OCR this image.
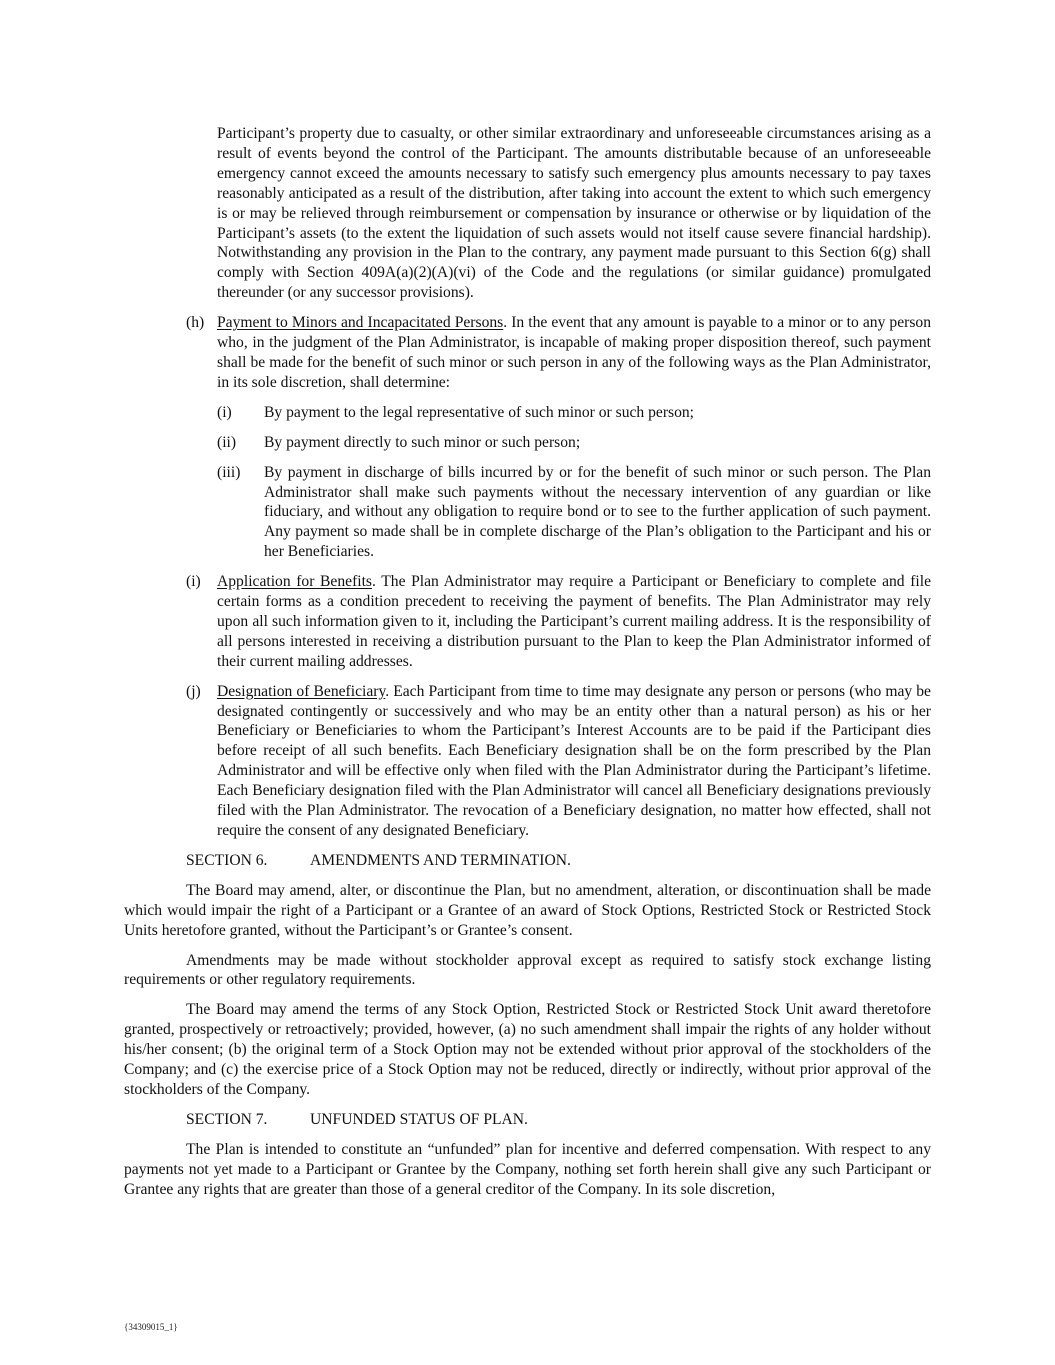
Participant’s property due to casualty, or other similar extraordinary and unforeseeable circumstances arising as a result of events beyond the control of the Participant. The amounts distributable because of an unforeseeable emergency cannot exceed the amounts necessary to satisfy such emergency plus amounts necessary to pay taxes reasonably anticipated as a result of the distribution, after taking into account the extent to which such emergency is or may be relieved through reimbursement or compensation by insurance or otherwise or by liquidation of the Participant’s assets (to the extent the liquidation of such assets would not itself cause severe financial hardship). Notwithstanding any provision in the Plan to the contrary, any payment made pursuant to this Section 6(g) shall comply with Section 409A(a)(2)(A)(vi) of the Code and the regulations (or similar guidance) promulgated thereunder (or any successor provisions).

(h) Payment to Minors and Incapacitated Persons. In the event that any amount is payable to a minor or to any person who, in the judgment of the Plan Administrator, is incapable of making proper disposition thereof, such payment shall be made for the benefit of such minor or such person in any of the following ways as the Plan Administrator, in its sole discretion, shall determine:

(i) By payment to the legal representative of such minor or such person;

(ii) By payment directly to such minor or such person;

(iii) By payment in discharge of bills incurred by or for the benefit of such minor or such person. The Plan Administrator shall make such payments without the necessary intervention of any guardian or like fiduciary, and without any obligation to require bond or to see to the further application of such payment. Any payment so made shall be in complete discharge of the Plan’s obligation to the Participant and his or her Beneficiaries.

(i) Application for Benefits. The Plan Administrator may require a Participant or Beneficiary to complete and file certain forms as a condition precedent to receiving the payment of benefits. The Plan Administrator may rely upon all such information given to it, including the Participant’s current mailing address. It is the responsibility of all persons interested in receiving a distribution pursuant to the Plan to keep the Plan Administrator informed of their current mailing addresses.

(j) Designation of Beneficiary. Each Participant from time to time may designate any person or persons (who may be designated contingently or successively and who may be an entity other than a natural person) as his or her Beneficiary or Beneficiaries to whom the Participant’s Interest Accounts are to be paid if the Participant dies before receipt of all such benefits. Each Beneficiary designation shall be on the form prescribed by the Plan Administrator and will be effective only when filed with the Plan Administrator during the Participant’s lifetime. Each Beneficiary designation filed with the Plan Administrator will cancel all Beneficiary designations previously filed with the Plan Administrator. The revocation of a Beneficiary designation, no matter how effected, shall not require the consent of any designated Beneficiary.

SECTION 6.	AMENDMENTS AND TERMINATION.

The Board may amend, alter, or discontinue the Plan, but no amendment, alteration, or discontinuation shall be made which would impair the right of a Participant or a Grantee of an award of Stock Options, Restricted Stock or Restricted Stock Units heretofore granted, without the Participant’s or Grantee’s consent.

Amendments may be made without stockholder approval except as required to satisfy stock exchange listing requirements or other regulatory requirements.

The Board may amend the terms of any Stock Option, Restricted Stock or Restricted Stock Unit award theretofore granted, prospectively or retroactively; provided, however, (a) no such amendment shall impair the rights of any holder without his/her consent; (b) the original term of a Stock Option may not be extended without prior approval of the stockholders of the Company; and (c) the exercise price of a Stock Option may not be reduced, directly or indirectly, without prior approval of the stockholders of the Company.

SECTION 7.	UNFUNDED STATUS OF PLAN.

The Plan is intended to constitute an “unfunded” plan for incentive and deferred compensation. With respect to any payments not yet made to a Participant or Grantee by the Company, nothing set forth herein shall give any such Participant or Grantee any rights that are greater than those of a general creditor of the Company. In its sole discretion,

{34309015_1}
